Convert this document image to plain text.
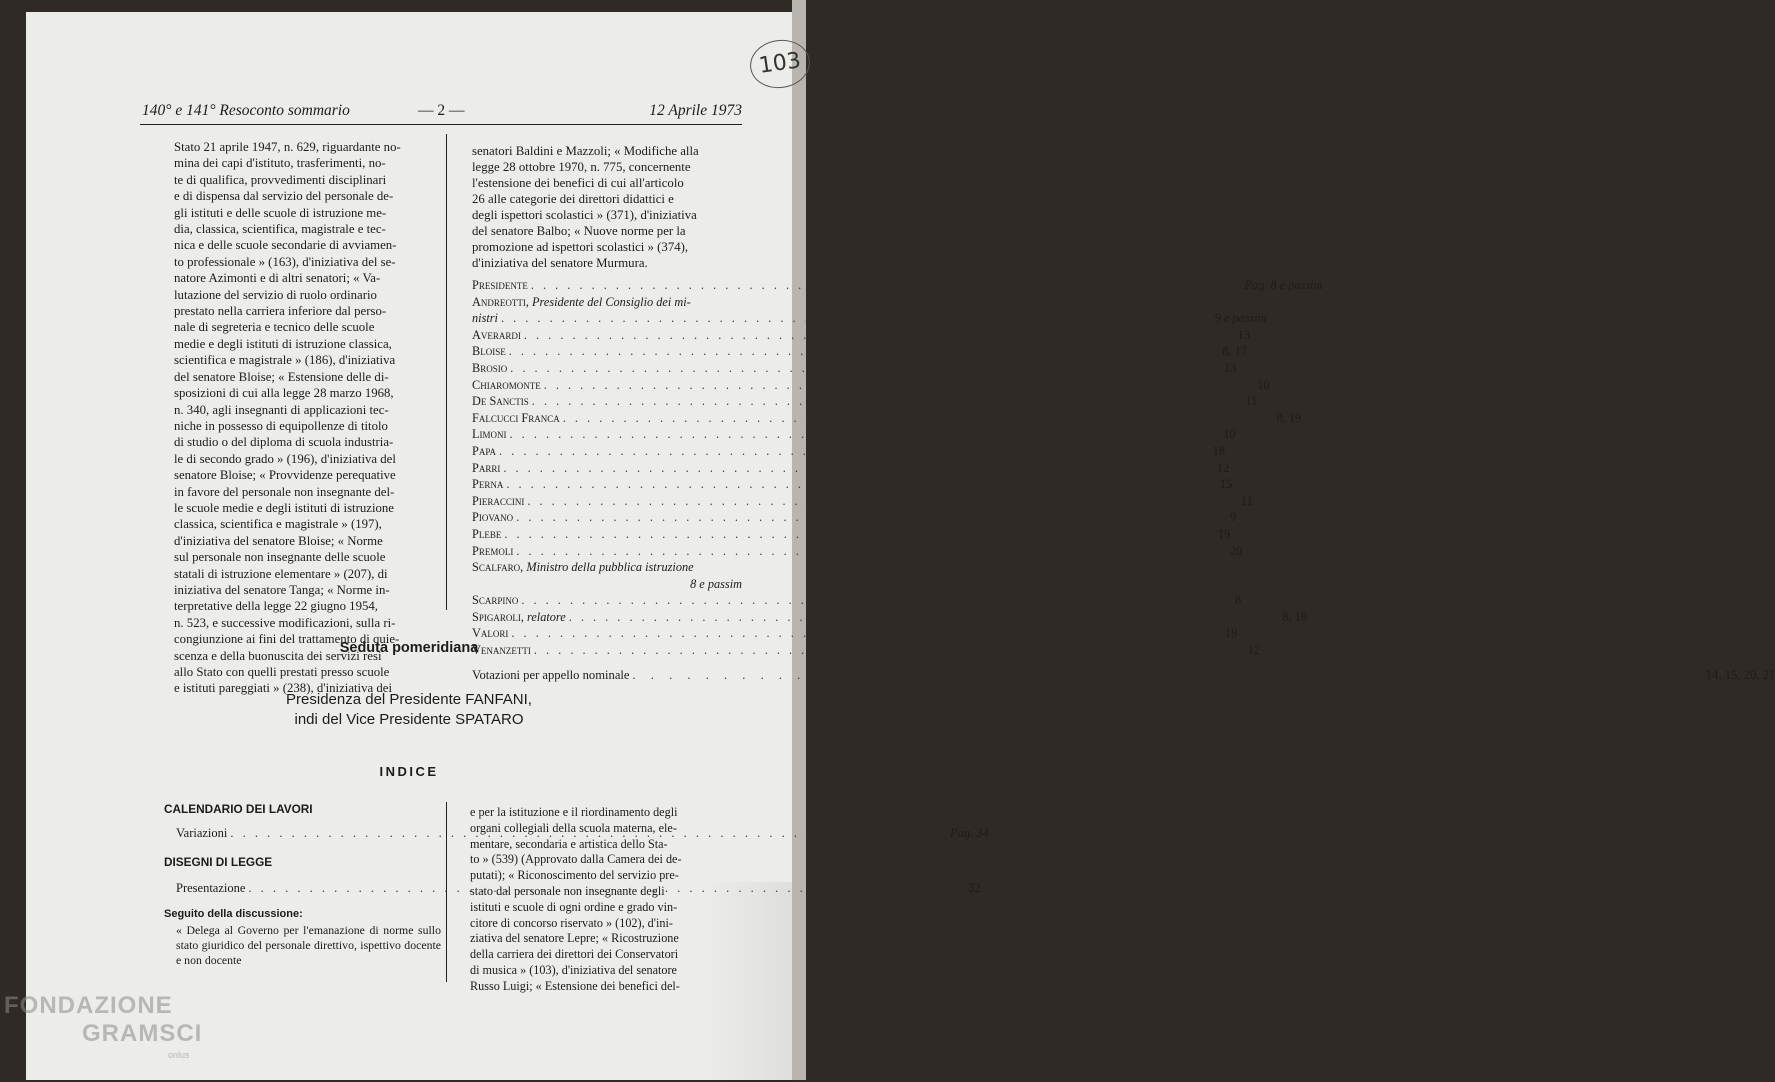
103
140° e 141° Resoconto sommario	— 2 —	12 Aprile 1973
Stato 21 aprile 1947, n. 629, riguardante no-
mina dei capi d'istituto, trasferimenti, no-
te di qualifica, provvedimenti disciplinari
e di dispensa dal servizio del personale de-
gli istituti e delle scuole di istruzione me-
dia, classica, scientifica, magistrale e tec-
nica e delle scuole secondarie di avviamen-
to professionale » (163), d'iniziativa del se-
natore Azimonti e di altri senatori; « Va-
lutazione del servizio di ruolo ordinario
prestato nella carriera inferiore dal perso-
nale di segreteria e tecnico delle scuole
medie e degli istituti di istruzione classica,
scientifica e magistrale » (186), d'iniziativa
del senatore Bloise; « Estensione delle di-
sposizioni di cui alla legge 28 marzo 1968,
n. 340, agli insegnanti di applicazioni tec-
niche in possesso di equipollenze di titolo
di studio o del diploma di scuola industria-
le di secondo grado » (196), d'iniziativa del
senatore Bloise; « Provvidenze perequative
in favore del personale non insegnante del-
le scuole medie e degli istituti di istruzione
classica, scientifica e magistrale » (197),
d'iniziativa del senatore Bloise; « Norme
sul personale non insegnante delle scuole
statali di istruzione elementare » (207), di
iniziativa del senatore Tanga; « Norme in-
terpretative della legge 22 giugno 1954,
n. 523, e successive modificazioni, sulla ri-
congiunzione ai fini del trattamento di quie-
scenza e della buonuscita dei servizi resi
allo Stato con quelli prestati presso scuole
e istituti pareggiati » (238), d'iniziativa dei
senatori Baldini e Mazzoli; « Modifiche alla
legge 28 ottobre 1970, n. 775, concernente
l'estensione dei benefici di cui all'articolo
26 alle categorie dei direttori didattici e
degli ispettori scolastici » (371), d'iniziativa
del senatore Balbo; « Nuove norme per la
promozione ad ispettori scolastici » (374),
d'iniziativa del senatore Murmura.
Presidente . . .	Pag. 8 e passim
Andreotti, Presidente del Consiglio dei mi-
nistri . . .	9 e passim
Averardi . . .	13
Bloise . . .	8, 17
Brosio . . .	13
Chiaromonte . . .	10
De Sanctis . . .	11
Falcucci Franca . . .	8, 19
Limoni . . .	10
Papa . . .	18
Parri . . .	12
Perna . . .	15
Pieraccini . . .	11
Piovano . . .	9
Plebe . . .	19
Premoli . . .	20
Scalfaro, Ministro della pubblica istruzione
8 e passim
Scarpino . . .	8
Spigaroli, relatore . . .	8, 18
Valori . . .	19
Venanzetti . . .	12
Votazioni per appello nominale . . .	14, 15, 20, 21
Seduta pomeridiana
Presidenza del Presidente FANFANI,
indi del Vice Presidente SPATARO
INDICE
CALENDARIO DEI LAVORI
Variazioni . . .	Pag. 34
DISEGNI DI LEGGE
Presentazione . . .	32
Seguito della discussione:
« Delega al Governo per l'emanazione di norme sullo stato giuridico del personale direttivo, ispettivo docente e non docente
e per la istituzione e il riordinamento degli
organi collegiali della scuola materna, ele-
mentare, secondaria e artistica dello Sta-
to » (539) (Approvato dalla Camera dei de-
putati); « Riconoscimento del servizio pre-
stato dal personale non insegnante degli
istituti e scuole di ogni ordine e grado vin-
citore di concorso riservato » (102), d'ini-
ziativa del senatore Lepre; « Ricostruzione
della carriera dei direttori dei Conservatori
di musica » (103), d'iniziativa del senatore
Russo Luigi; « Estensione dei benefici del-
FONDAZIONE
GRAMSCI
onlus
